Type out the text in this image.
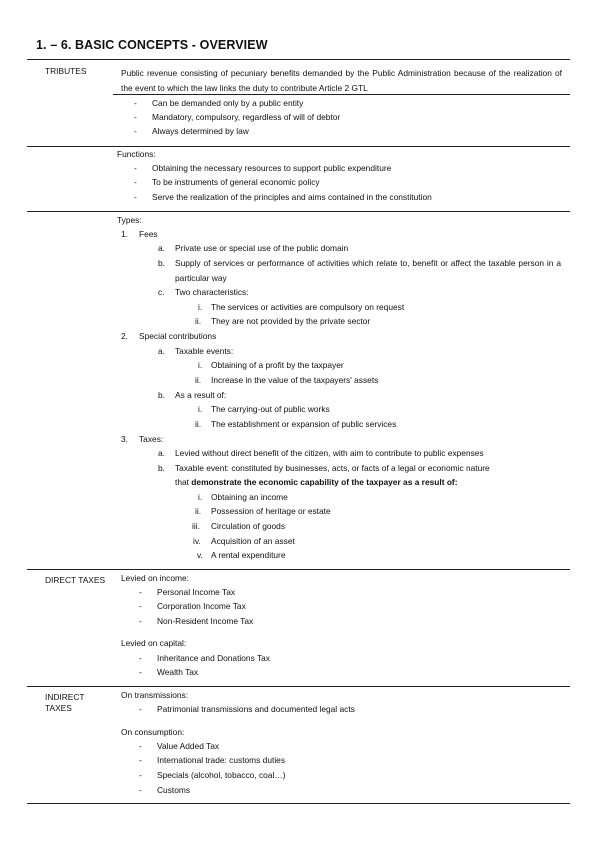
1. – 6. BASIC CONCEPTS - OVERVIEW
TRIBUTES	Public revenue consisting of pecuniary benefits demanded by the Public Administration because of the realization of the event to which the law links the duty to contribute Article 2 GTL
- Can be demanded only by a public entity
- Mandatory, compulsory, regardless of will of debtor
- Always determined by law
Functions:
- Obtaining the necessary resources to support public expenditure
- To be instruments of general economic policy
- Serve the realization of the principles and aims contained in the constitution
Types:
1. Fees
a. Private use or special use of the public domain
b. Supply of services or performance of activities which relate to, benefit or affect the taxable person in a particular way
c. Two characteristics:
i. The services or activities are compulsory on request
ii. They are not provided by the private sector
2. Special contributions
a. Taxable events:
i. Obtaining of a profit by the taxpayer
ii. Increase in the value of the taxpayers' assets
b. As a result of:
i. The carrying-out of public works
ii. The establishment or expansion of public services
3. Taxes:
a. Levied without direct benefit of the citizen, with aim to contribute to public expenses
b. Taxable event: constituted by businesses, acts, or facts of a legal or economic nature
that demonstrate the economic capability of the taxpayer as a result of:
i. Obtaining an income
ii. Possession of heritage or estate
iii. Circulation of goods
iv. Acquisition of an asset
v. A rental expenditure
DIRECT TAXES Levied on income:
- Personal Income Tax
- Corporation Income Tax
- Non-Resident Income Tax
Levied on capital:
- Inheritance and Donations Tax
- Wealth Tax
INDIRECT
TAXES
On transmissions:
- Patrimonial transmissions and documented legal acts
On consumption:
- Value Added Tax
- International trade: customs duties
- Specials (alcohol, tobacco, coal…)
- Customs
